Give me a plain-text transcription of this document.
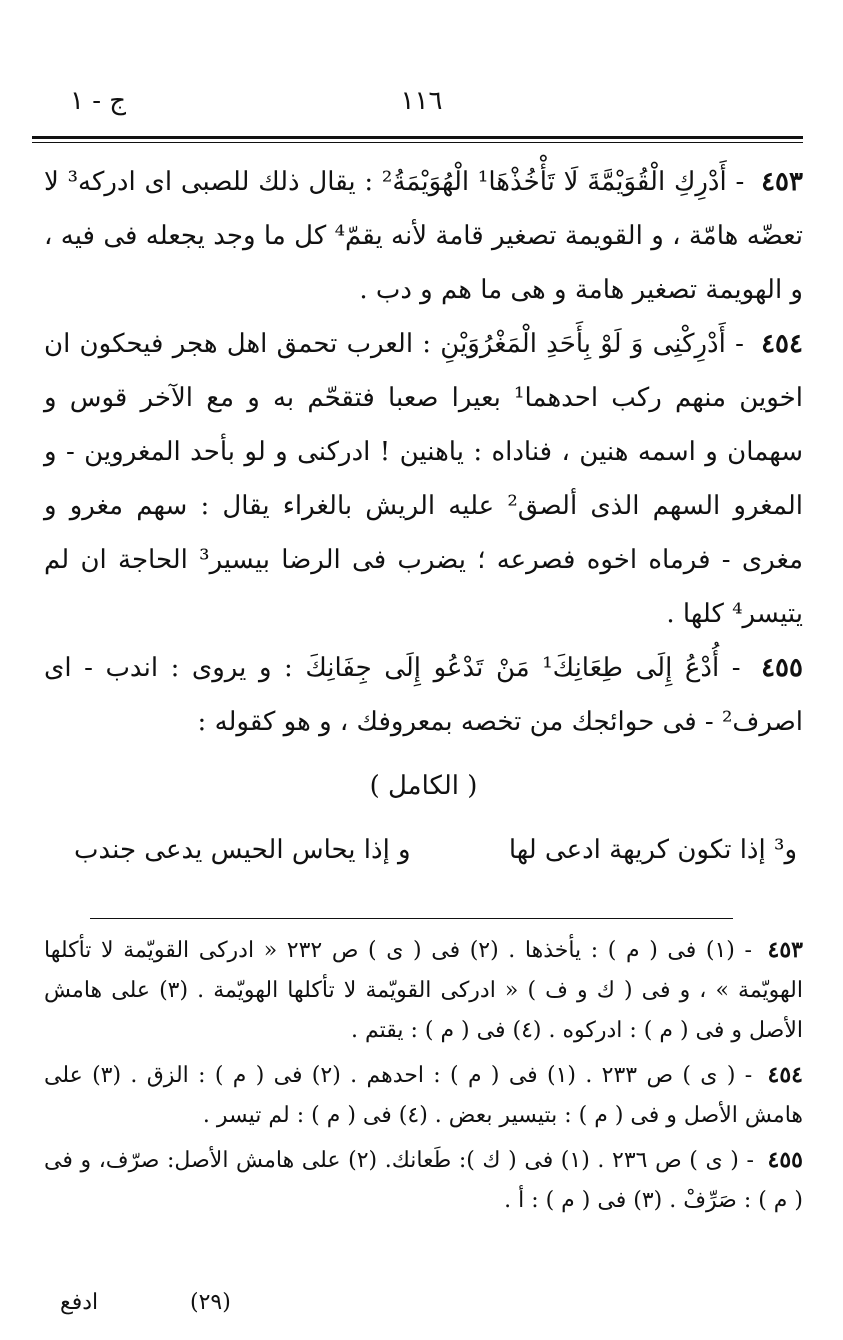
١١٦
ج - ١
٤٥٣ - أَدْرِكِ الْقُوَيْمَّةَ لَا تَأْخُذْهَا¹ الْهُوَيْمَةُ² : يقال ذلك للصبى اى ادركه³ لا تعضّه هامّة ، و القويمة تصغير قامة لأنه يقمّ⁴ كل ما وجد يجعله فى فيه ، و الهويمة تصغير هامة و هى ما هم و دب .
٤٥٤ - أَدْرِكْنِى وَ لَوْ بِأَحَدِ الْمَغْرُوَيْنِ : العرب تحمق اهل هجر فيحكون ان اخوين منهم ركب احدهما¹ بعيرا صعبا فتقحّم به و مع الآخر قوس و سهمان و اسمه هنين ، فناداه : ياهنين ! ادركنى و لو بأحد المغروين - و المغرو السهم الذى ألصق² عليه الريش بالغراء يقال : سهم مغرو و مغرى - فرماه اخوه فصرعه ؛ يضرب فى الرضا بيسير³ الحاجة ان لم يتيسر⁴ كلها .
٤٥٥ - أُدْعُ إِلَى طِعَانِكَ¹ مَنْ تَدْعُو إِلَى جِفَانِكَ : و يروى : اندب - اى اصرف² - فى حوائجك من تخصه بمعروفك ، و هو كقوله :
( الكامل )
و³ إذا تكون كريهة ادعى لها
و إذا يحاس الحيس يدعى جندب
٤٥٣ - (١) فى ( م ) : يأخذها . (٢) فى ( ى ) ص ٢٣٢ « ادركى القويّمة لا تأكلها الهويّمة » ، و فى ( ك و ف ) « ادركى القويّمة لا تأكلها الهويّمة . (٣) على هامش الأصل و فى ( م ) : ادركوه . (٤) فى ( م ) : يقتم .
٤٥٤ - ( ى ) ص ٢٣٣ . (١) فى ( م ) : احدهم . (٢) فى ( م ) : الزق . (٣) على هامش الأصل و فى ( م ) : بتيسير بعض . (٤) فى ( م ) : لم تيسر .
٤٥٥ - ( ى ) ص ٢٣٦ . (١) فى ( ك ): طَعانك. (٢) على هامش الأصل: صرّف، و فى ( م ) : صَرِّفْ . (٣) فى ( م ) : أ .
ادفع	(٢٩)
